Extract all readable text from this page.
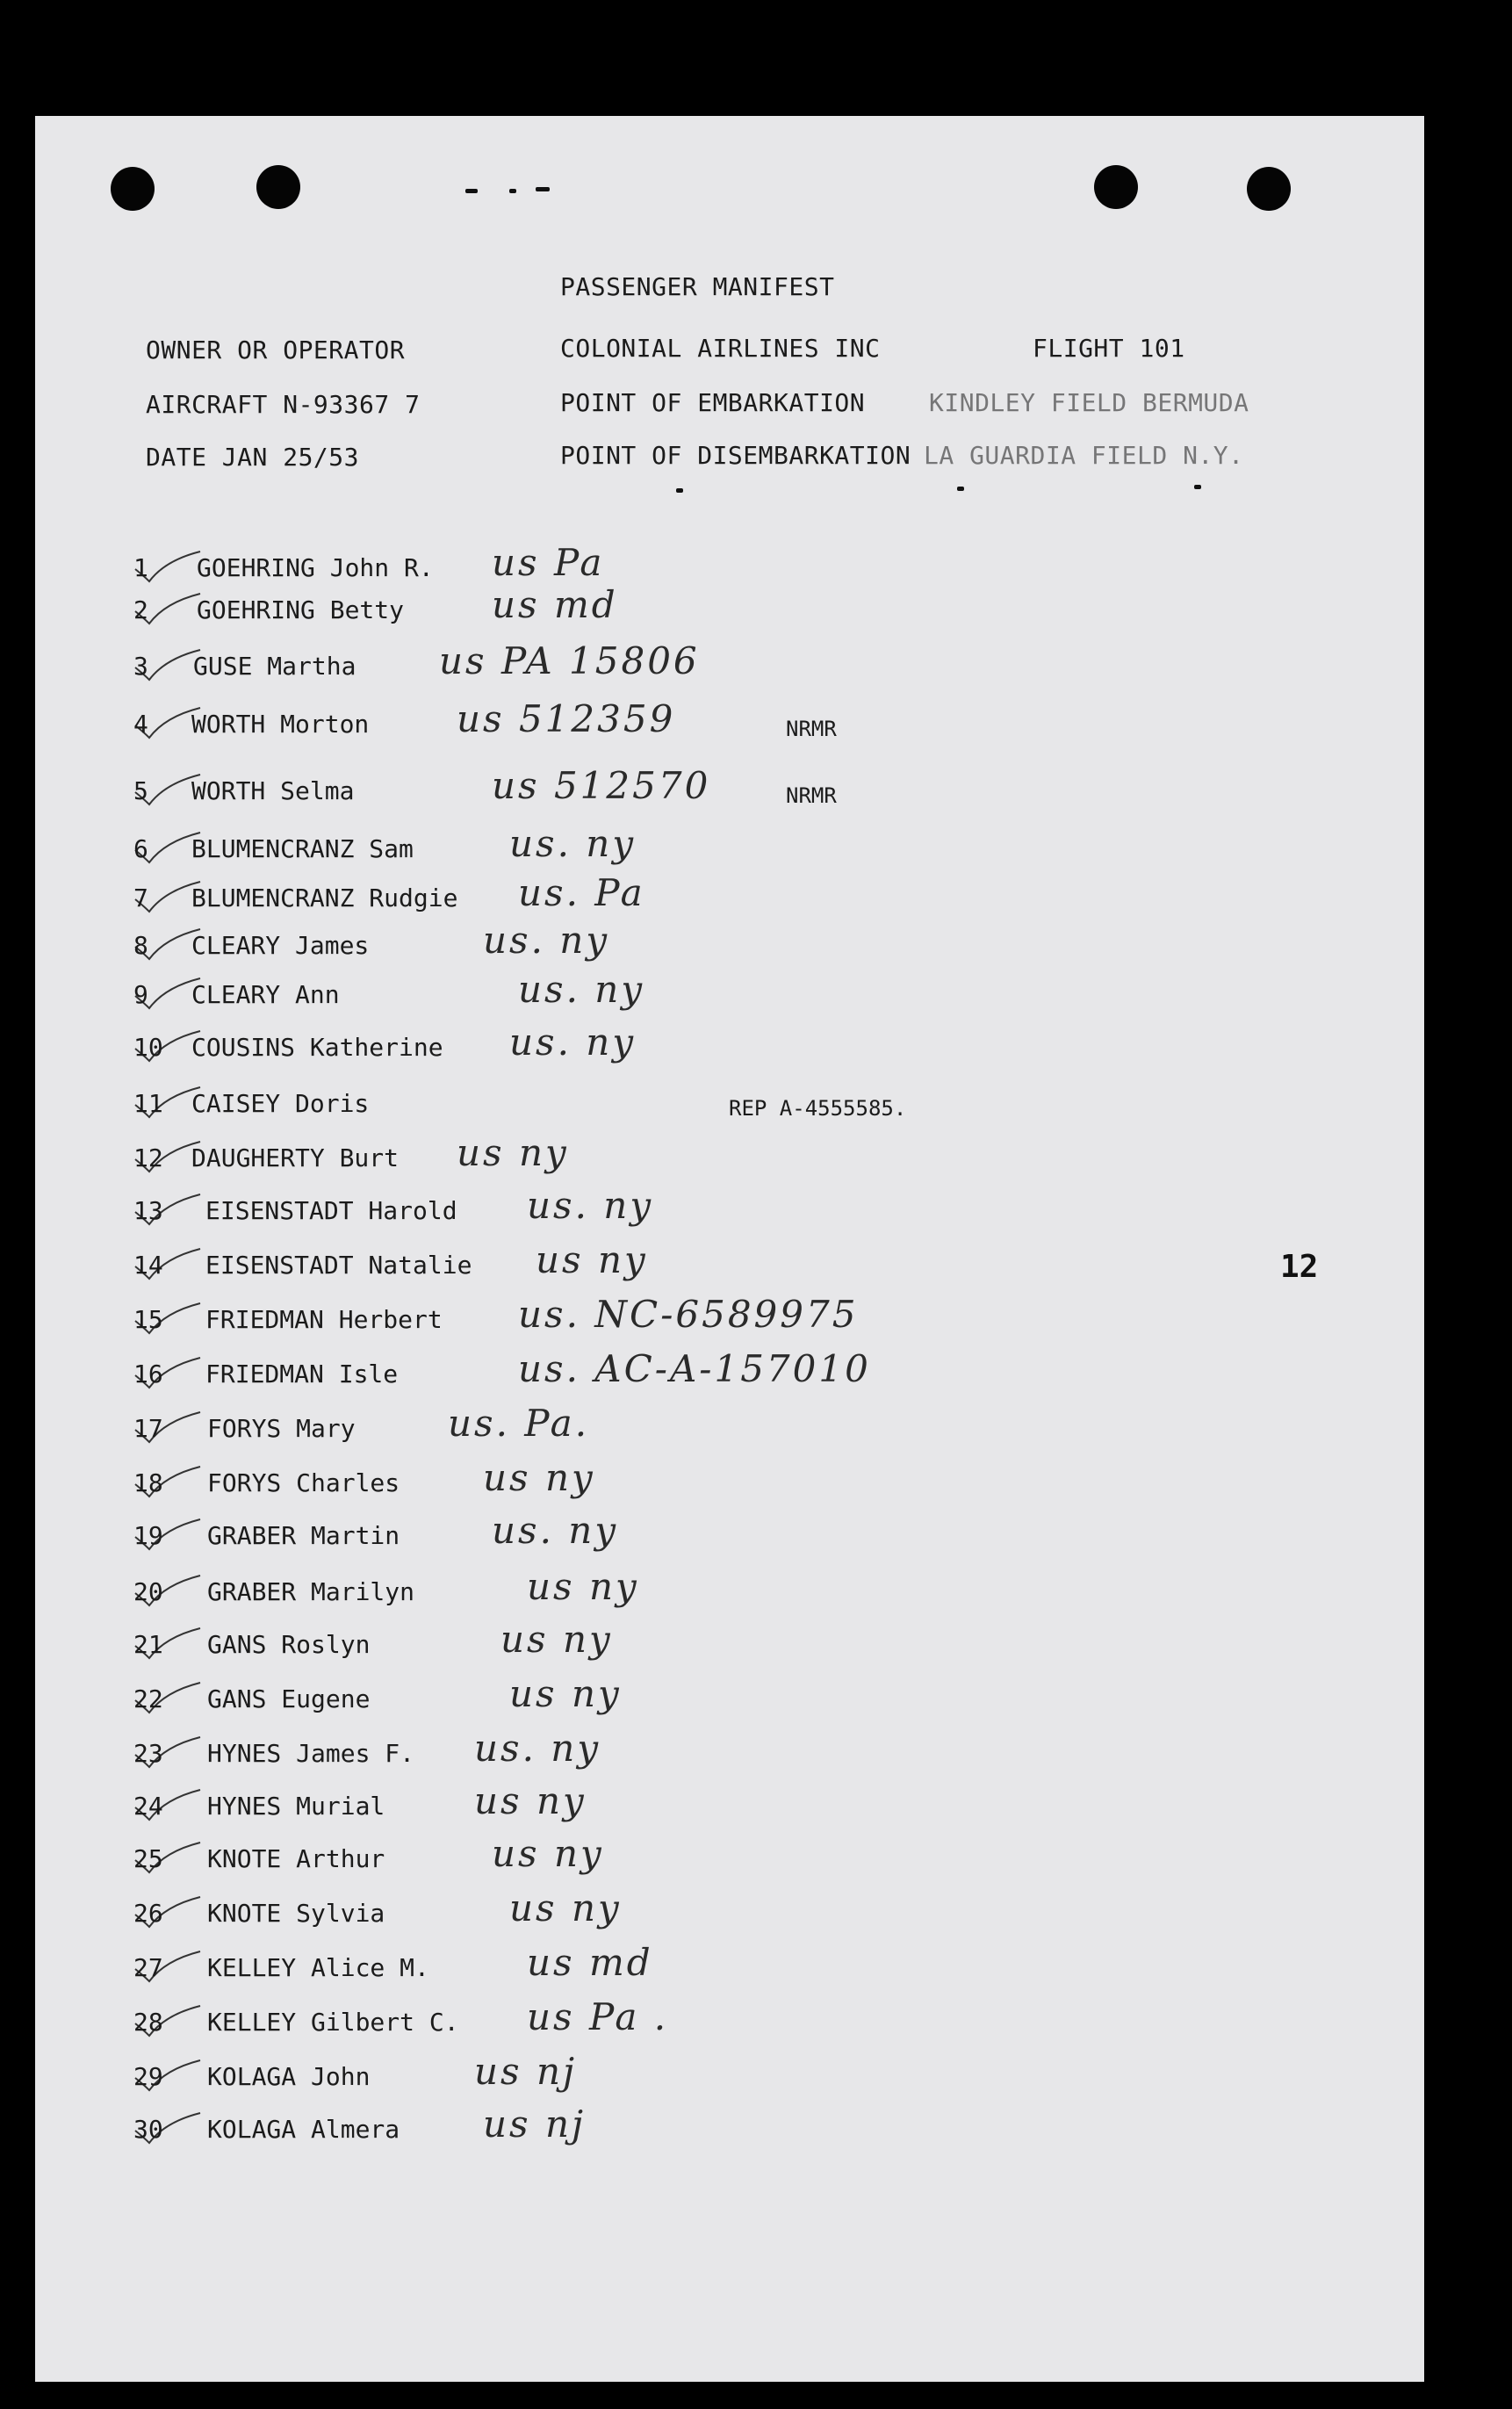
PASSENGER MANIFEST
OWNER OR OPERATOR	COLONIAL AIRLINES INC	FLIGHT 101
AIRCRAFT N-93367 7	POINT OF EMBARKATION	KINDLEY FIELD BERMUDA
DATE JAN 25/53	POINT OF DISEMBARKATION LA GUARDIA FIELD N.Y.
1	GOEHRING John R. us Pa
2	GOEHRING Betty us md
3	GUSE Martha us PA 15806
4	WORTH Morton us 512359	NRMR
5	WORTH Selma	us 512570	NRMR
6	BLUMENCRANZ Sam	us. ny
7	BLUMENCRANZ Rudgie us. Pa
8	CLEARY James	us. ny
9	CLEARY Ann	us. ny
10	COUSINS Katherine us. ny
11	CAISEY Doris	REP A-4555585.
12	DAUGHERTY Burt us ny
13	EISENSTADT Harold us. ny
14	EISENSTADT Natalie us ny
15	FRIEDMAN Herbert us. NC-6589975
16	FRIEDMAN Isle	us. AC-A-157010
17	FORYS Mary	us. Pa.
18	FORYS Charles us ny
19	GRABER Martin us. ny
20	GRABER Marilyn	us ny
21	GANS Roslyn	us ny
22	GANS Eugene	us ny
23	HYNES James F. us. ny
24	HYNES Murial us ny
25	KNOTE Arthur	us ny
26	KNOTE Sylvia	us ny
27	KELLEY Alice M.	us md
28	KELLEY Gilbert C. us Pa .
29	KOLAGA John	us nj
30	KOLAGA Almera us nj
12
